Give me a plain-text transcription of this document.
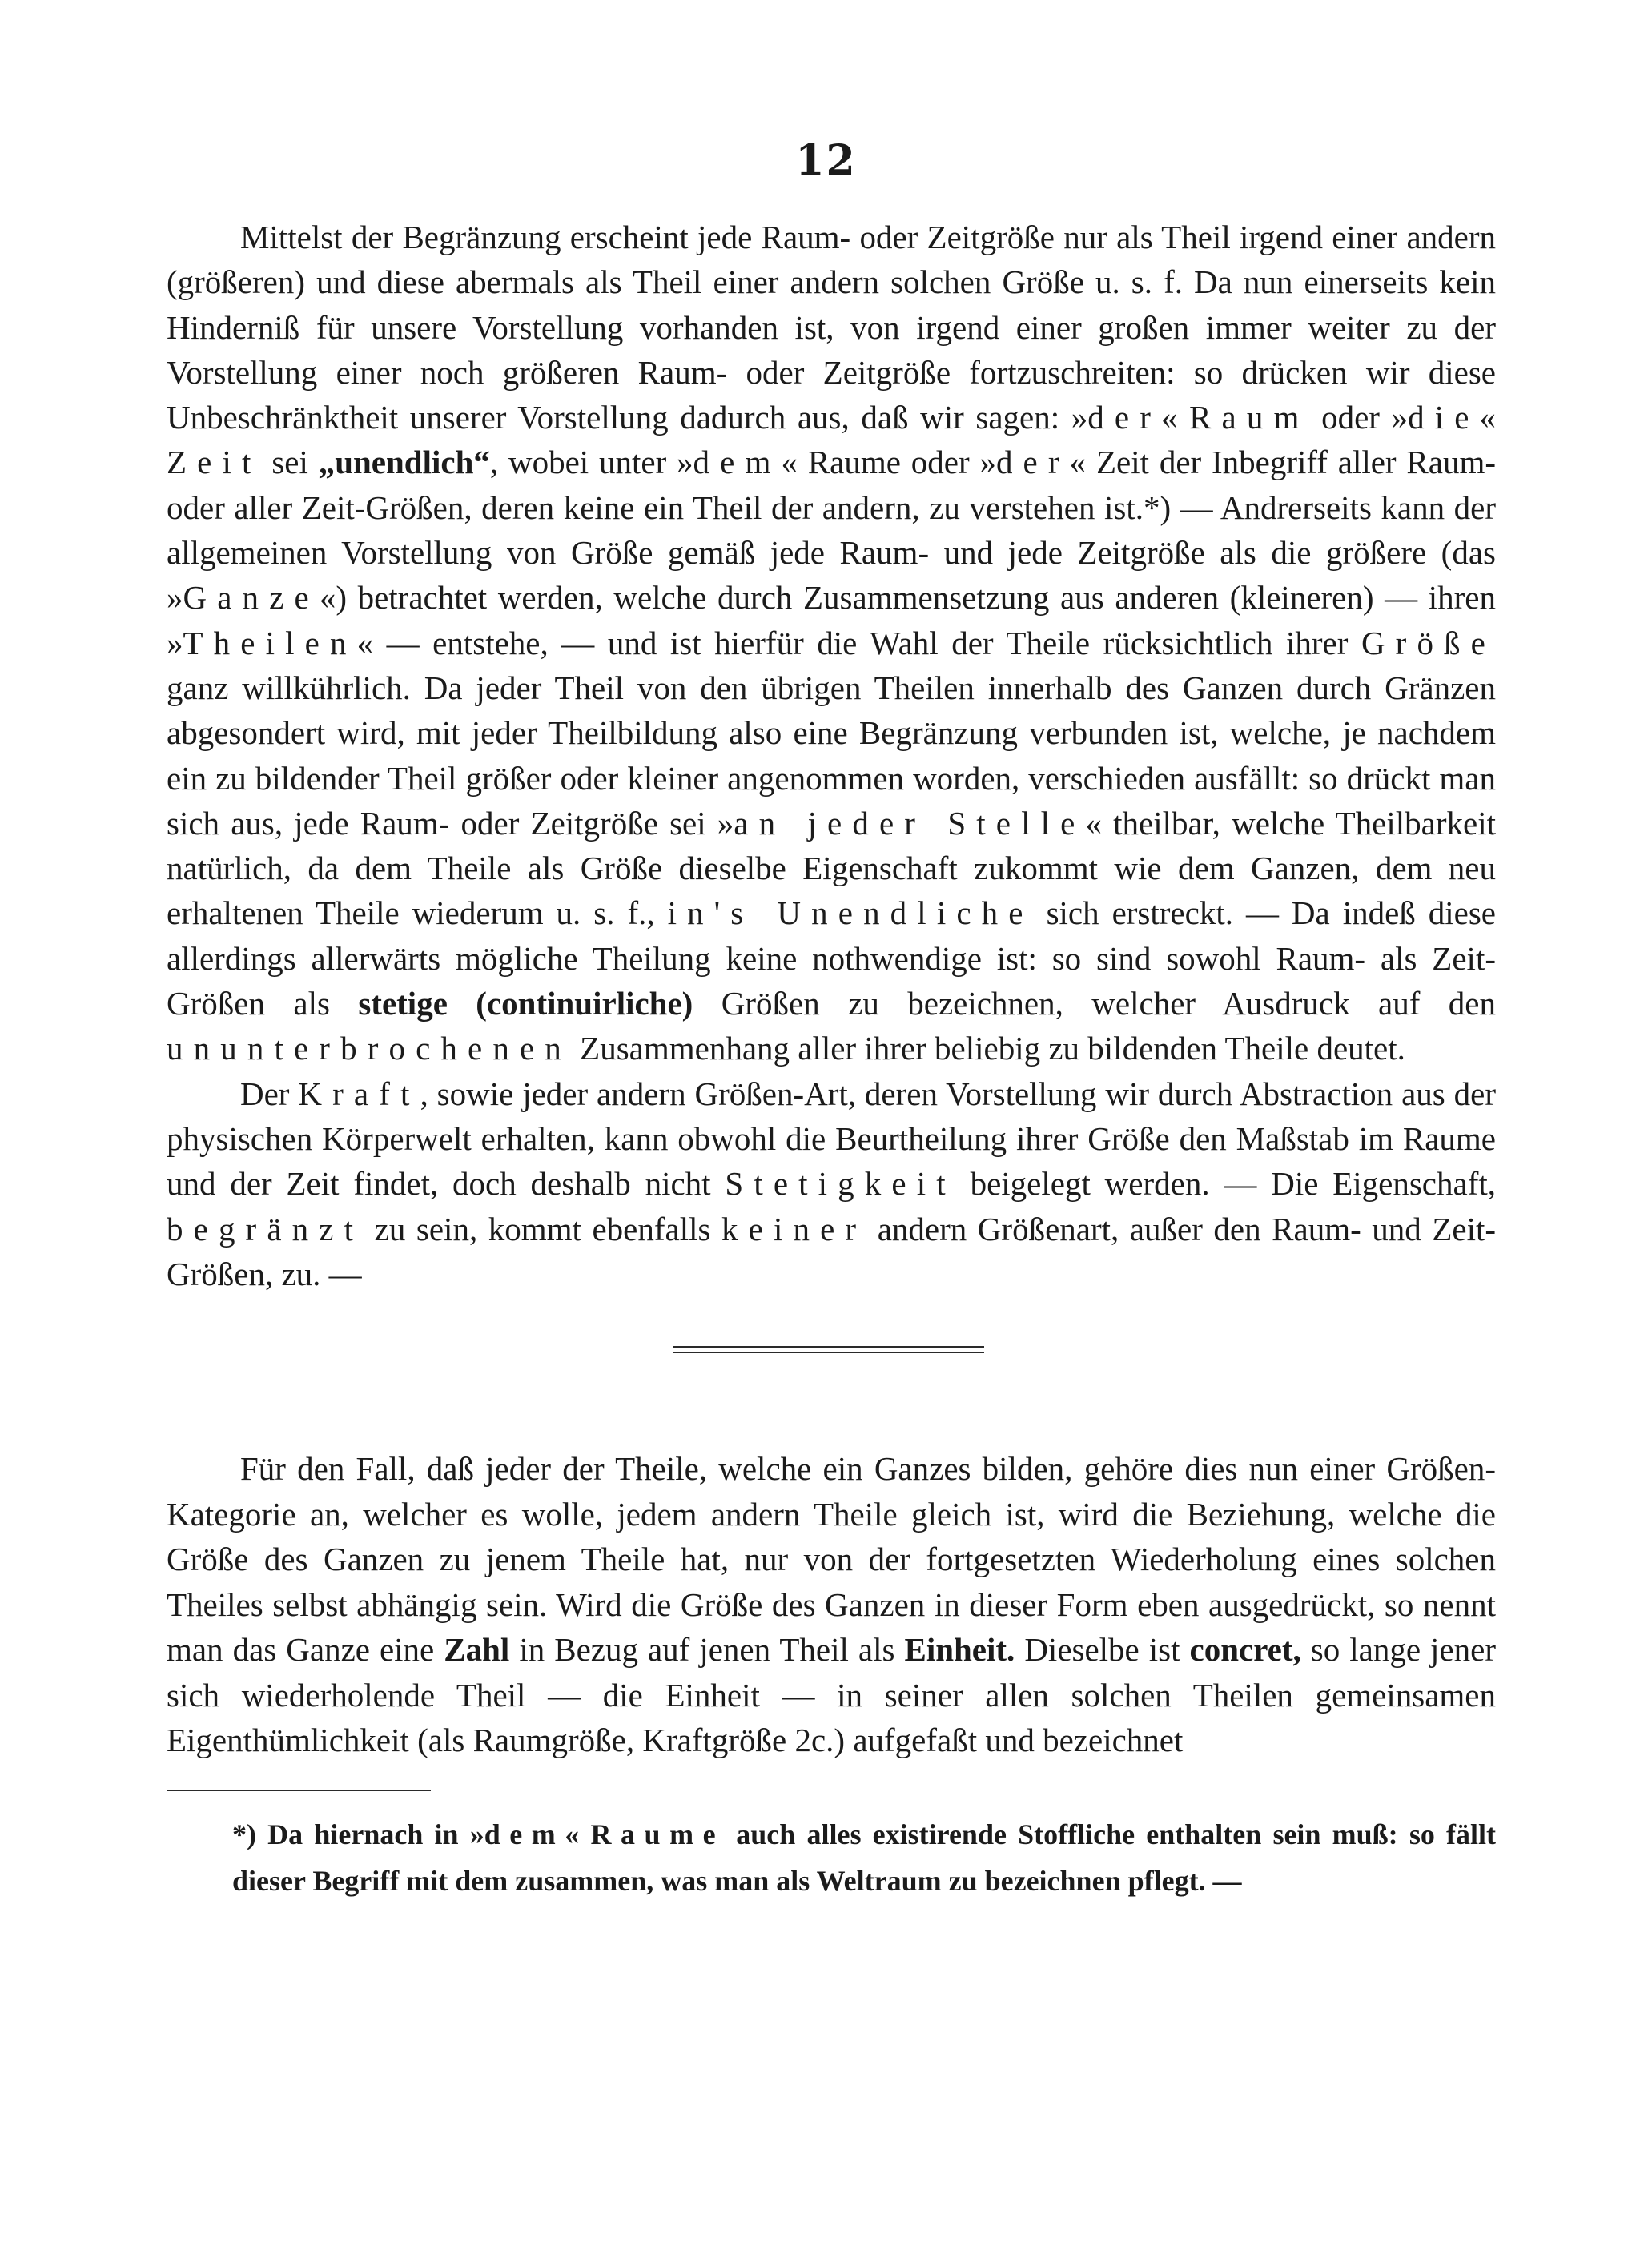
12

Mittelst der Begränzung erscheint jede Raum- oder Zeitgröße nur als Theil irgend einer andern (größeren) und diese abermals als Theil einer andern solchen Größe u. s. f. Da nun einerseits kein Hinderniß für unsere Vorstellung vorhanden ist, von irgend einer großen immer weiter zu der Vorstellung einer noch größeren Raum- oder Zeitgröße fortzuschreiten: so drücken wir diese Unbeschränktheit unserer Vorstellung dadurch aus, daß wir sagen: »der« Raum oder »die« Zeit sei „unendlich“, wobei unter »dem« Raume oder »der« Zeit der Inbegriff aller Raum- oder aller Zeit-Größen, deren keine ein Theil der andern, zu verstehen ist.*) — Andrerseits kann der allgemeinen Vorstellung von Größe gemäß jede Raum- und jede Zeitgröße als die größere (das »Ganze«) betrachtet werden, welche durch Zusammensetzung aus anderen (kleineren) — ihren »Theilen« — entstehe, — und ist hierfür die Wahl der Theile rücksichtlich ihrer Größe ganz willkührlich. Da jeder Theil von den übrigen Theilen innerhalb des Ganzen durch Gränzen abgesondert wird, mit jeder Theilbildung also eine Begränzung verbunden ist, welche, je nachdem ein zu bildender Theil größer oder kleiner angenommen worden, verschieden ausfällt: so drückt man sich aus, jede Raum- oder Zeitgröße sei »an jeder Stelle« theilbar, welche Theilbarkeit natürlich, da dem Theile als Größe dieselbe Eigenschaft zukommt wie dem Ganzen, dem neu erhaltenen Theile wiederum u. s. f., in's Unendliche sich erstreckt. — Da indeß diese allerdings allerwärts mögliche Theilung keine nothwendige ist: so sind sowohl Raum- als Zeit-Größen als stetige (continuirliche) Größen zu bezeichnen, welcher Ausdruck auf den ununterbrochenen Zusammenhang aller ihrer beliebig zu bildenden Theile deutet.

Der Kraft, sowie jeder andern Größen-Art, deren Vorstellung wir durch Abstraction aus der physischen Körperwelt erhalten, kann obwohl die Beurtheilung ihrer Größe den Maßstab im Raume und der Zeit findet, doch deshalb nicht Stetigkeit beigelegt werden. — Die Eigenschaft, begränzt zu sein, kommt ebenfalls keiner andern Größenart, außer den Raum- und Zeit-Größen, zu. —

Für den Fall, daß jeder der Theile, welche ein Ganzes bilden, gehöre dies nun einer Größen-Kategorie an, welcher es wolle, jedem andern Theile gleich ist, wird die Beziehung, welche die Größe des Ganzen zu jenem Theile hat, nur von der fortgesetzten Wiederholung eines solchen Theiles selbst abhängig sein. Wird die Größe des Ganzen in dieser Form eben ausgedrückt, so nennt man das Ganze eine Zahl in Bezug auf jenen Theil als Einheit. Dieselbe ist concret, so lange jener sich wiederholende Theil — die Einheit — in seiner allen solchen Theilen gemeinsamen Eigenthümlichkeit (als Raumgröße, Kraftgröße 2c.) aufgefaßt und bezeichnet

*) Da hiernach in »dem« Raume auch alles existirende Stoffliche enthalten sein muß: so fällt dieser Begriff mit dem zusammen, was man als Weltraum zu bezeichnen pflegt. —
